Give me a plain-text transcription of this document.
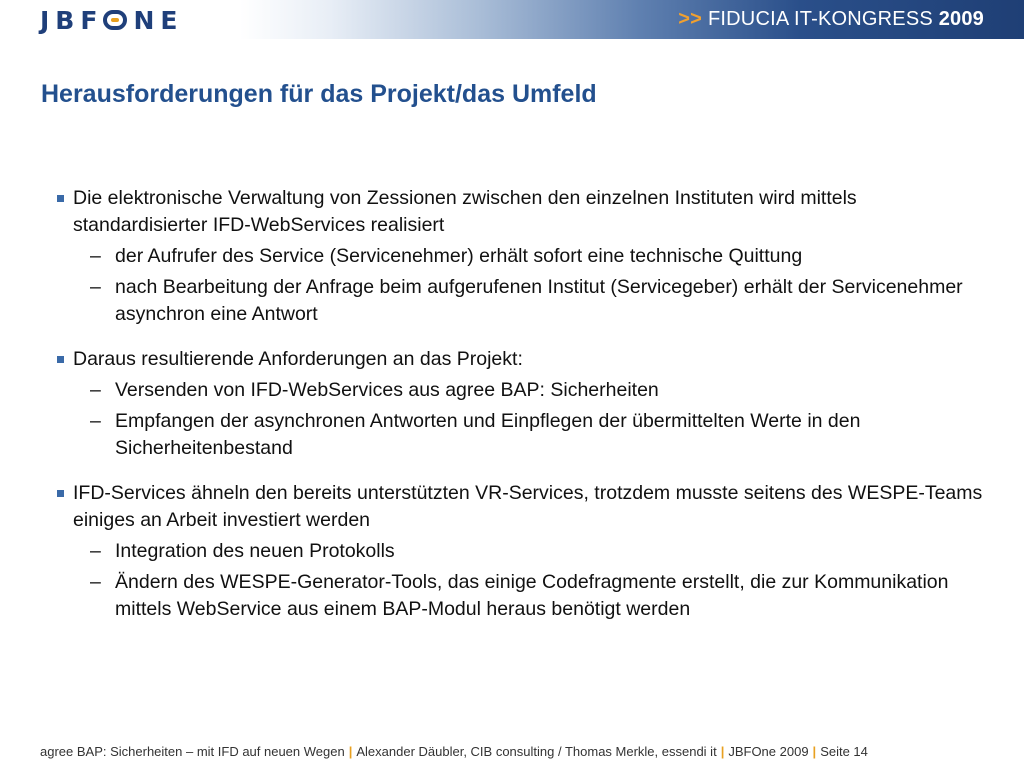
JBF NE	>> FIDUCIA IT-KONGRESS 2009
Herausforderungen für das Projekt/das Umfeld

Die elektronische Verwaltung von Zessionen zwischen den einzelnen Instituten wird mittels standardisierter IFD-WebServices realisiert

– der Aufrufer des Service (Servicenehmer) erhält sofort eine technische Quittung

– nach Bearbeitung der Anfrage beim aufgerufenen Institut (Servicegeber) erhält der Servicenehmer asynchron eine Antwort

Daraus resultierende Anforderungen an das Projekt:

– Versenden von IFD-WebServices aus agree BAP: Sicherheiten

– Empfangen der asynchronen Antworten und Einpflegen der übermittelten Werte in den Sicherheitenbestand

IFD-Services ähneln den bereits unterstützten VR-Services, trotzdem musste seitens des WESPE-Teams einiges an Arbeit investiert werden

– Integration des neuen Protokolls

– Ändern des WESPE-Generator-Tools, das einige Codefragmente erstellt, die zur Kommunikation mittels WebService aus einem BAP-Modul heraus benötigt werden

agree BAP: Sicherheiten – mit IFD auf neuen Wegen | Alexander Däubler, CIB consulting / Thomas Merkle, essendi it | JBFOne 2009 | Seite 14
